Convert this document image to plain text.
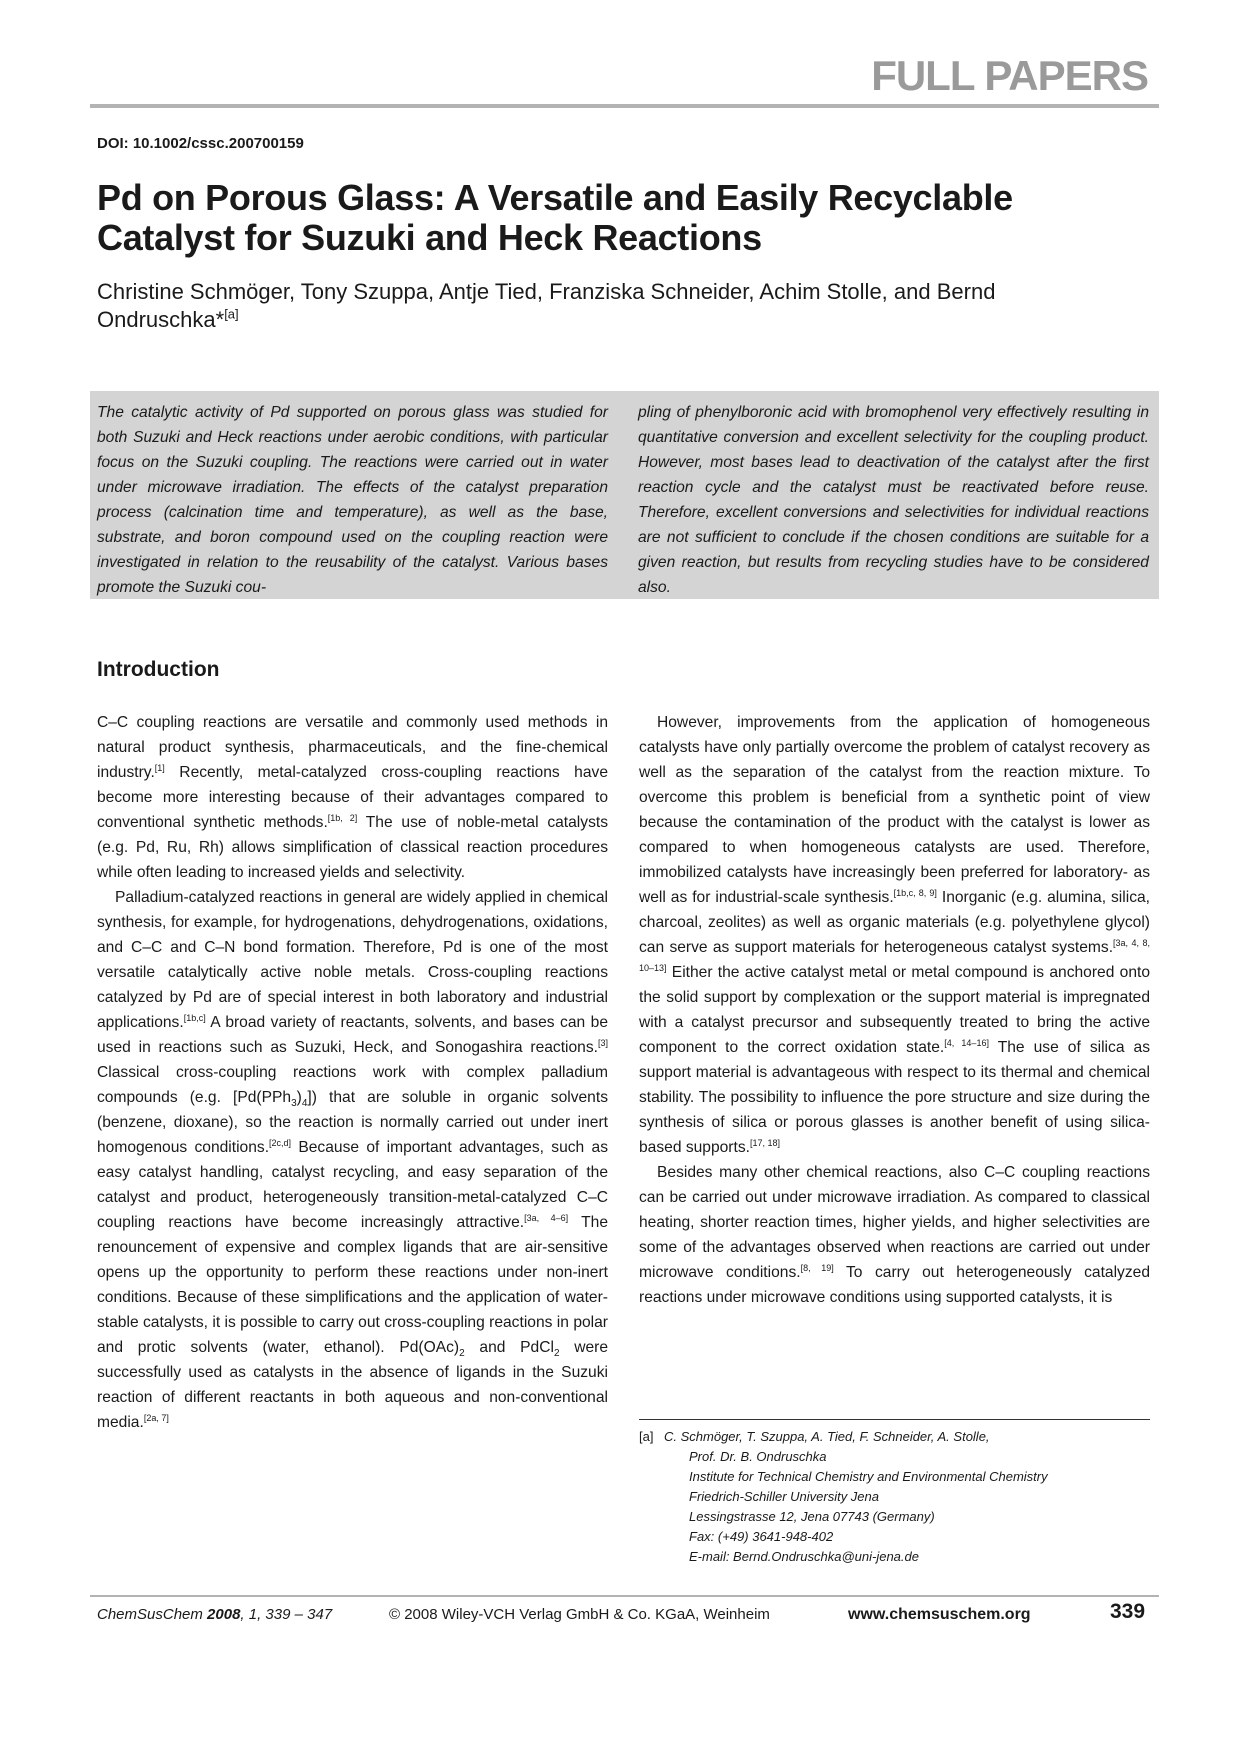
FULL PAPERS
DOI: 10.1002/cssc.200700159
Pd on Porous Glass: A Versatile and Easily Recyclable Catalyst for Suzuki and Heck Reactions
Christine Schmöger, Tony Szuppa, Antje Tied, Franziska Schneider, Achim Stolle, and Bernd Ondruschka*[a]
The catalytic activity of Pd supported on porous glass was studied for both Suzuki and Heck reactions under aerobic conditions, with particular focus on the Suzuki coupling. The reactions were carried out in water under microwave irradiation. The effects of the catalyst preparation process (calcination time and temperature), as well as the base, substrate, and boron compound used on the coupling reaction were investigated in relation to the reusability of the catalyst. Various bases promote the Suzuki cou-
pling of phenylboronic acid with bromophenol very effectively resulting in quantitative conversion and excellent selectivity for the coupling product. However, most bases lead to deactivation of the catalyst after the first reaction cycle and the catalyst must be reactivated before reuse. Therefore, excellent conversions and selectivities for individual reactions are not sufficient to conclude if the chosen conditions are suitable for a given reaction, but results from recycling studies have to be considered also.
Introduction

C–C coupling reactions are versatile and commonly used methods in natural product synthesis, pharmaceuticals, and the fine-chemical industry.[1] Recently, metal-catalyzed cross-coupling reactions have become more interesting because of their advantages compared to conventional synthetic methods.[1b, 2] The use of noble-metal catalysts (e.g. Pd, Ru, Rh) allows simplification of classical reaction procedures while often leading to increased yields and selectivity.

Palladium-catalyzed reactions in general are widely applied in chemical synthesis, for example, for hydrogenations, dehydrogenations, oxidations, and C–C and C–N bond formation. Therefore, Pd is one of the most versatile catalytically active noble metals. Cross-coupling reactions catalyzed by Pd are of special interest in both laboratory and industrial applications.[1b,c] A broad variety of reactants, solvents, and bases can be used in reactions such as Suzuki, Heck, and Sonogashira reactions.[3] Classical cross-coupling reactions work with complex palladium compounds (e.g. $[Pd(PPh_3)_4]$) that are soluble in organic solvents (benzene, dioxane), so the reaction is normally carried out under inert homogenous conditions.[2c,d] Because of important advantages, such as easy catalyst handling, catalyst recycling, and easy separation of the catalyst and product, heterogeneously transition-metal-catalyzed C–C coupling reactions have become increasingly attractive.[3a, 4–6] The renouncement of expensive and complex ligands that are air-sensitive opens up the opportunity to perform these reactions under non-inert conditions. Because of these simplifications and the application of water-stable catalysts, it is possible to carry out cross-coupling reactions in polar and protic solvents (water, ethanol). $Pd(OAc)_2$ and PdCl$_2$ were successfully used as catalysts in the absence of ligands in the Suzuki reaction of different reactants in both aqueous and non-conventional media.[2a, 7]

However, improvements from the application of homogeneous catalysts have only partially overcome the problem of catalyst recovery as well as the separation of the catalyst from the reaction mixture. To overcome this problem is beneficial from a synthetic point of view because the contamination of the product with the catalyst is lower as compared to when homogeneous catalysts are used. Therefore, immobilized catalysts have increasingly been preferred for laboratory- as well as for industrial-scale synthesis.[1b,c, 8, 9] Inorganic (e.g. alumina, silica, charcoal, zeolites) as well as organic materials (e.g. polyethylene glycol) can serve as support materials for heterogeneous catalyst systems.[3a, 4, 8, 10–13] Either the active catalyst metal or metal compound is anchored onto the solid support by complexation or the support material is impregnated with a catalyst precursor and subsequently treated to bring the active component to the correct oxidation state.[4, 14–16] The use of silica as support material is advantageous with respect to its thermal and chemical stability. The possibility to influence the pore structure and size during the synthesis of silica or porous glasses is another benefit of using silica-based supports.[17, 18]

Besides many other chemical reactions, also C–C coupling reactions can be carried out under microwave irradiation. As compared to classical heating, shorter reaction times, higher yields, and higher selectivities are some of the advantages observed when reactions are carried out under microwave conditions.[8, 19] To carry out heterogeneously catalyzed reactions under microwave conditions using supported catalysts, it is

[a] C. Schmöger, T. Szuppa, A. Tied, F. Schneider, A. Stolle,
Prof. Dr. B. Ondruschka
Institute for Technical Chemistry and Environmental Chemistry
Friedrich-Schiller University Jena
Lessingstrasse 12, Jena 07743 (Germany)
Fax: (+49) 3641-948-402
E-mail: Bernd.Ondruschka@uni-jena.de
ChemSusChem 2008, 1, 339 – 347	© 2008 Wiley-VCH Verlag GmbH & Co. KGaA, Weinheim	www.chemsuschem.org	339
